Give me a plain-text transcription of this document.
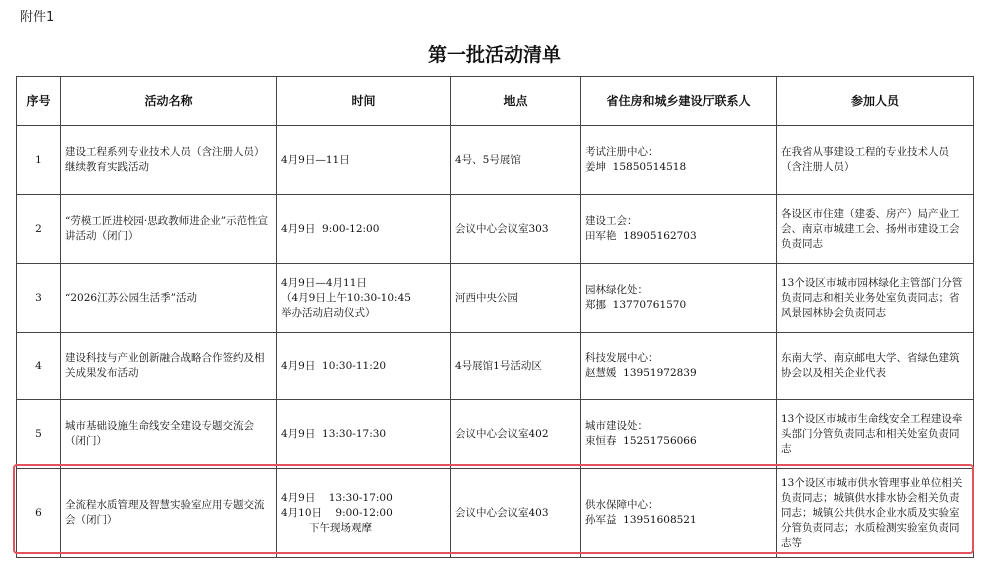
附件1
第一批活动清单
序号	活动名称	时间	地点	省住房和城乡建设厅联系人	参加人员
1	建设工程系列专业技术人员（含注册人员）继续教育实践活动	4月9日—11日	4号、5号展馆	考试注册中心：
姜坤  15850514518	在我省从事建设工程的专业技术人员（含注册人员）
2	“劳模工匠进校园·思政教师进企业”示范性宣讲活动（闭门）	4月9日  9:00-12:00	会议中心会议室303	建设工会：
田军艳  18905162703	各设区市住建（建委、房产）局产业工会、南京市城建工会、扬州市建设工会负责同志
3	“2026江苏公园生活季”活动	4月9日—4月11日
（4月9日上午10:30-10:45
举办活动启动仪式）	河西中央公园	园林绿化处：
郑挪  13770761570	13个设区市城市园林绿化主管部门分管负责同志和相关业务处室负责同志；省风景园林协会负责同志
4	建设科技与产业创新融合战略合作签约及相关成果发布活动	4月9日  10:30-11:20	4号展馆1号活动区	科技发展中心：
赵慧媛  13951972839	东南大学、南京邮电大学、省绿色建筑协会以及相关企业代表
5	城市基础设施生命线安全建设专题交流会（闭门）	4月9日  13:30-17:30	会议中心会议室402	城市建设处：
束恒春  15251756066	13个设区市城市生命线安全工程建设牵头部门分管负责同志和相关处室负责同志
6	全流程水质管理及智慧实验室应用专题交流会（闭门）	4月9日    13:30-17:00
4月10日    9:00-12:00
下午现场观摩	会议中心会议室403	供水保障中心：
孙军益  13951608521	13个设区市城市供水管理事业单位相关负责同志；城镇供水排水协会相关负责同志；城镇公共供水企业水质及实验室分管负责同志；水质检测实验室负责同志等
